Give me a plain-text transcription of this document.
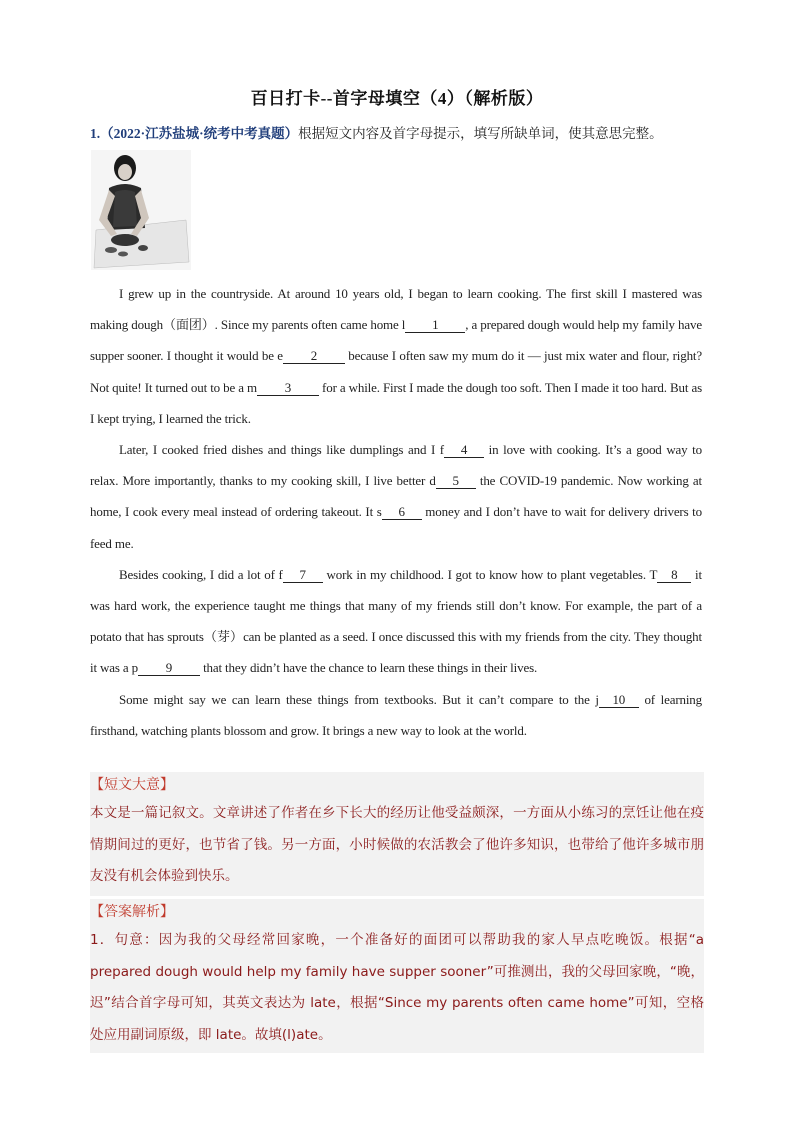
百日打卡--首字母填空（4）（解析版）
1.（2022·江苏盐城·统考中考真题）根据短文内容及首字母提示，填写所缺单词，使其意思完整。

I grew up in the countryside. At around 10 years old, I began to learn cooking. The first skill I mastered was making dough（面团）. Since my parents often came home l 1 , a prepared dough would help my family have supper sooner. I thought it would be e 2 because I often saw my mum do it — just mix water and flour, right? Not quite! It turned out to be a m 3 for a while. First I made the dough too soft. Then I made it too hard. But as I kept trying, I learned the trick.

Later, I cooked fried dishes and things like dumplings and I f 4 in love with cooking. It’s a good way to relax. More importantly, thanks to my cooking skill, I live better d 5 the COVID-19 pandemic. Now working at home, I cook every meal instead of ordering takeout. It s 6 money and I don’t have to wait for delivery drivers to feed me.

Besides cooking, I did a lot of f 7 work in my childhood. I got to know how to plant vegetables. T 8 it was hard work, the experience taught me things that many of my friends still don’t know. For example, the part of a potato that has sprouts（芽）can be planted as a seed. I once discussed this with my friends from the city. They thought it was a p 9 that they didn’t have the chance to learn these things in their lives.

Some might say we can learn these things from textbooks. But it can’t compare to the j 10 of learning firsthand, watching plants blossom and grow. It brings a new way to look at the world.

【短文大意】
本文是一篇记叙文。文章讲述了作者在乡下长大的经历让他受益颇深，一方面从小练习的烹饪让他在疫情期间过的更好，也节省了钱。另一方面，小时候做的农活教会了他许多知识，也带给了他许多城市朋友没有机会体验到快乐。
【答案解析】
1．句意：因为我的父母经常回家晚，一个准备好的面团可以帮助我的家人早点吃晚饭。根据“a prepared dough would help my family have supper sooner”可推测出，我的父母回家晚，“晚，迟”结合首字母可知，其英文表达为 late，根据“Since my parents often came home”可知，空格处应用副词原级，即 late。故填(l)ate。
